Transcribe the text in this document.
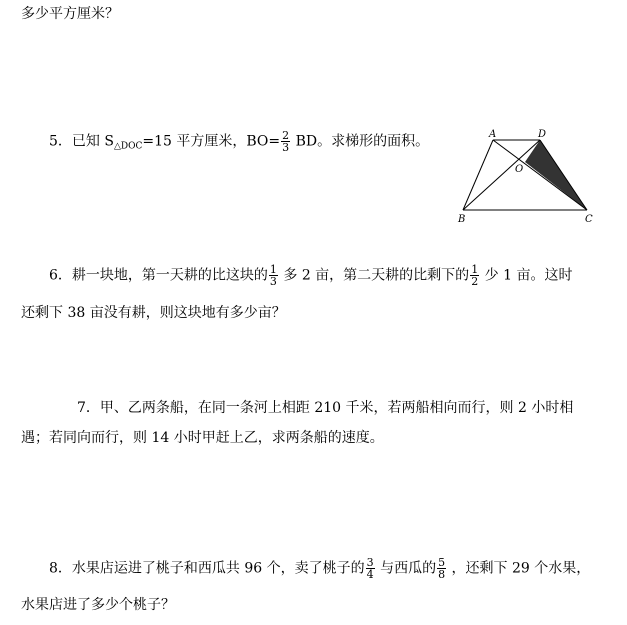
多少平方厘米？
5．已知 $S_{\triangle DOC}=15$ 平方厘米，$BO= \frac{2}{3}$ BD。求梯形的面积。	A	D
O
B	C
6．耕一块地，第一天耕的比这块的 $\frac{1}{3}$ 多 2 亩，第二天耕的比剩下的 $\frac{1}{2}$ 少 1 亩。这时
还剩下 38 亩没有耕，则这块地有多少亩？
7．甲、乙两条船，在同一条河上相距 210 千米，若两船相向而行，则 2 小时相
遇；若同向而行，则 14 小时甲赶上乙，求两条船的速度。
8．水果店运进了桃子和西瓜共 96 个，卖了桃子的 $\frac{3}{4}$ 与西瓜的 $\frac{5}{8}$ ，还剩下 29 个水果，
水果店进了多少个桃子？
